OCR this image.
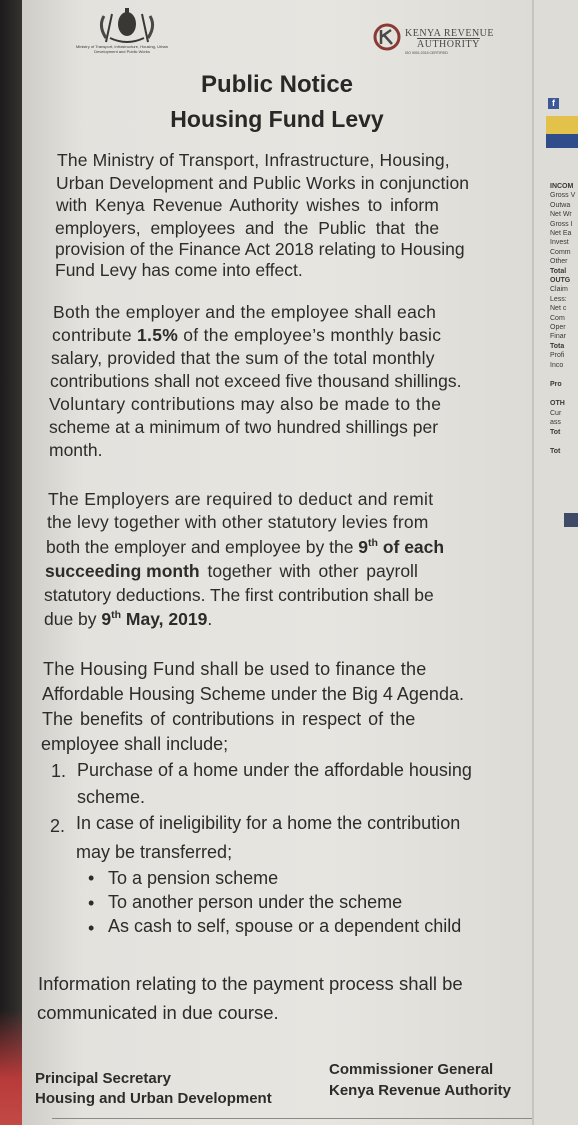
Ministry of Transport, Infrastructure, Housing, Urban Development and Public Works
KENYA REVENUE
AUTHORITY
ISO 9001:2015 CERTIFIED
Public Notice
Housing Fund Levy
The Ministry of Transport, Infrastructure, Housing,
Urban Development and Public Works in conjunction
with Kenya Revenue Authority wishes to inform
employers, employees and the Public that the
provision of the Finance Act 2018 relating to Housing
Fund Levy has come into effect.
Both the employer and the employee shall each
contribute 1.5% of the employee’s monthly basic
salary, provided that the sum of the total monthly
contributions shall not exceed five thousand shillings.
Voluntary contributions may also be made to the
scheme at a minimum of two hundred shillings per
month.
The Employers are required to deduct and remit
the levy together with other statutory levies from
both the employer and employee by the 9th of each
succeeding month together with other payroll
statutory deductions. The first contribution shall be
due by 9th May, 2019.
The Housing Fund shall be used to finance the
Affordable Housing Scheme under the Big 4 Agenda.
The benefits of contributions in respect of the
employee shall include;
1. Purchase of a home under the affordable housing
scheme.
2. In case of ineligibility for a home the contribution
may be transferred;
• To a pension scheme
• To another person under the scheme
• As cash to self, spouse or a dependent child
Information relating to the payment process shall be
communicated in due course.
Principal Secretary
Housing and Urban Development
Commissioner General
Kenya Revenue Authority
f
INCOM
Gross V
Outwa
Net Wr
Gross I
Net Ea
Invest
Comm
Other
Total
OUTG
Claim
Less:
Net c
Com
Oper
Finar
Tota
Profi
Inco
Pro
OTH
Cur
ass
Tot
Tot
